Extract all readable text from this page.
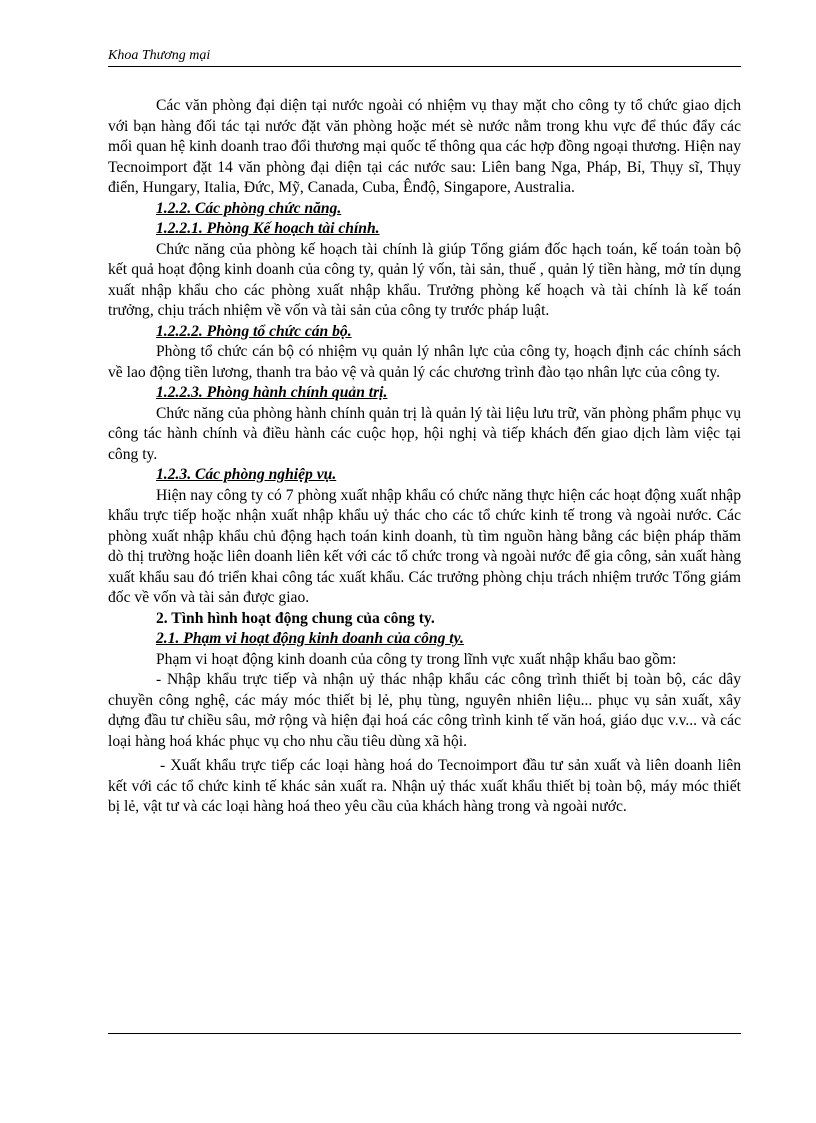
Khoa Thương mại

Các văn phòng đại diện tại nước ngoài có nhiệm vụ thay mặt cho công ty tổ chức giao dịch với bạn hàng đối tác tại nước đặt văn phòng hoặc mét sè nước nằm trong khu vực để thúc đẩy các mối quan hệ kinh doanh trao đổi thương mại quốc tế thông qua các hợp đồng ngoại thương. Hiện nay Tecnoimport đặt 14 văn phòng đại diện tại các nước sau: Liên bang Nga, Pháp, Bỉ, Thụy sĩ, Thụy điển, Hungary, Italia, Đức, Mỹ, Canada, Cuba, Ênđộ, Singapore, Australia.

1.2.2. Các phòng chức năng.

1.2.2.1. Phòng Kế hoạch tài chính.

Chức năng của phòng kế hoạch tài chính là giúp Tổng giám đốc hạch toán, kế toán toàn bộ kết quả hoạt động kinh doanh của công ty, quản lý vốn, tài sản, thuế , quản lý tiền hàng, mở tín dụng xuất nhập khẩu cho các phòng xuất nhập khẩu. Trưởng phòng kế hoạch và tài chính là kế toán trưởng, chịu trách nhiệm về vốn và tài sản của công ty trước pháp luật.

1.2.2.2. Phòng tổ chức cán bộ.

Phòng tổ chức cán bộ có nhiệm vụ quản lý nhân lực của công ty, hoạch định các chính sách về lao động tiền lương, thanh tra bảo vệ và quản lý các chương trình đào tạo nhân lực của công ty.

1.2.2.3. Phòng hành chính quản trị.

Chức năng của phòng hành chính quản trị là quản lý tài liệu lưu trữ, văn phòng phẩm phục vụ công tác hành chính và điều hành các cuộc họp, hội nghị và tiếp khách đến giao dịch làm việc tại công ty.

1.2.3. Các phòng nghiệp vụ.

Hiện nay công ty có 7 phòng xuất nhập khẩu có chức năng thực hiện các hoạt động xuất nhập khẩu trực tiếp hoặc nhận xuất nhập khẩu uỷ thác cho các tổ chức kinh tế trong và ngoài nước. Các phòng xuất nhập khẩu chủ động hạch toán kinh doanh, tù tìm nguồn hàng bằng các biện pháp thăm dò thị trường hoặc liên doanh liên kết với các tổ chức trong và ngoài nước để gia công, sản xuất hàng xuất khẩu sau đó triển khai công tác xuất khẩu. Các trưởng phòng chịu trách nhiệm trước Tổng giám đốc về vốn và tài sản được giao.

2. Tình hình hoạt động chung của công ty.

2.1. Phạm vi hoạt động kinh doanh của công ty.

Phạm vi hoạt động kinh doanh của công ty trong lĩnh vực xuất nhập khẩu bao gồm:

- Nhập khẩu trực tiếp và nhận uỷ thác nhập khẩu các công trình thiết bị toàn bộ, các dây chuyền công nghệ, các máy móc thiết bị lẻ, phụ tùng, nguyên nhiên liệu... phục vụ sản xuất, xây dựng đầu tư chiều sâu, mở rộng và hiện đại hoá các công trình kinh tế văn hoá, giáo dục v.v... và các loại hàng hoá khác phục vụ cho nhu cầu tiêu dùng xã hội.

- Xuất khẩu trực tiếp các loại hàng hoá do Tecnoimport đầu tư sản xuất và liên doanh liên kết với các tổ chức kinh tế khác sản xuất ra. Nhận uỷ thác xuất khẩu thiết bị toàn bộ, máy móc thiết bị lẻ, vật tư và các loại hàng hoá theo yêu cầu của khách hàng trong và ngoài nước.
